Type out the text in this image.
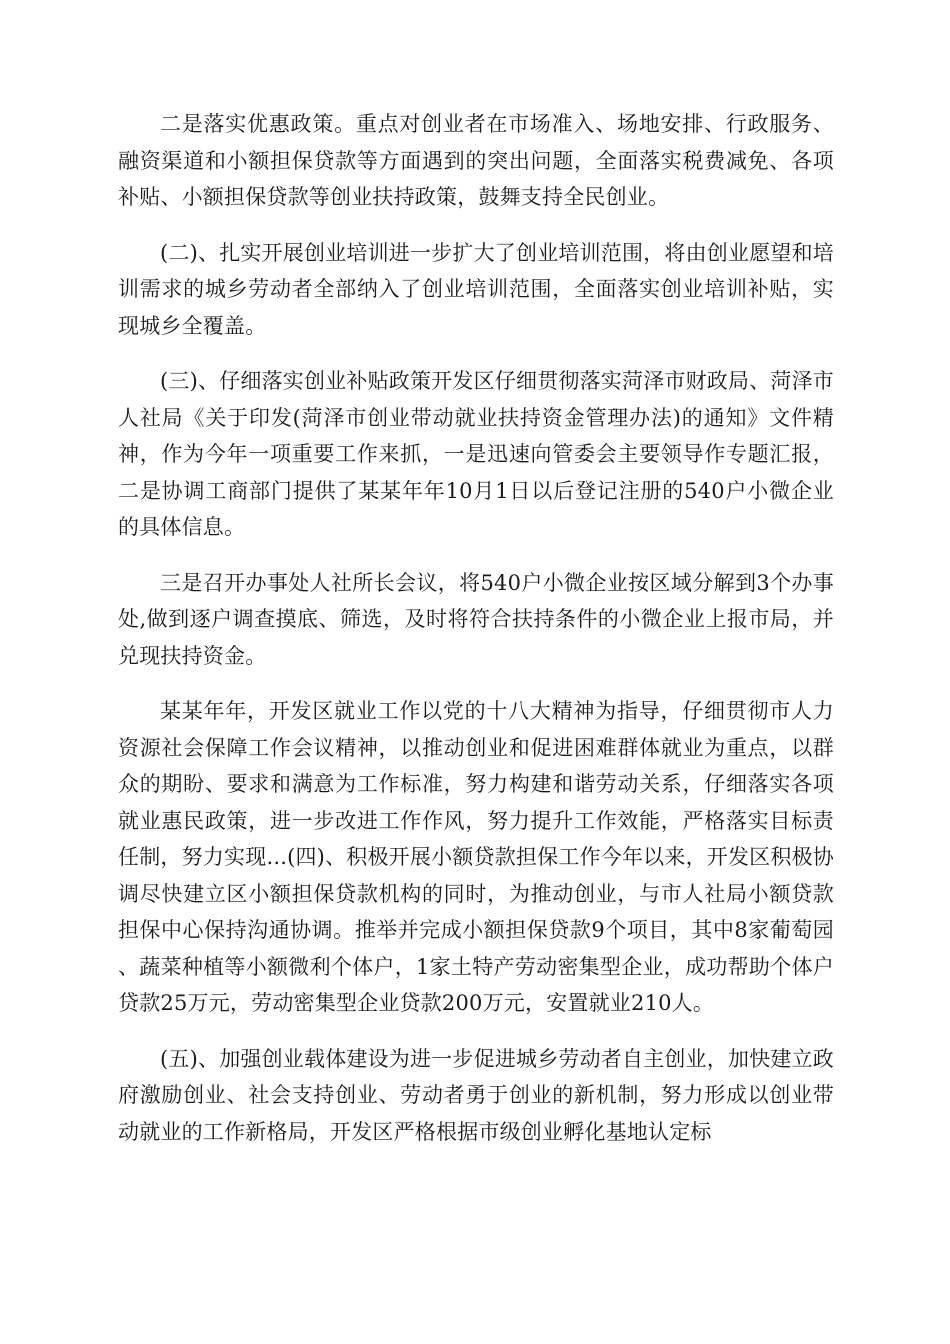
二是落实优惠政策。重点对创业者在市场准入、场地安排、行政服务、融资渠道和小额担保贷款等方面遇到的突出问题，全面落实税费减免、各项补贴、小额担保贷款等创业扶持政策，鼓舞支持全民创业。

(二)、扎实开展创业培训进一步扩大了创业培训范围，将由创业愿望和培训需求的城乡劳动者全部纳入了创业培训范围，全面落实创业培训补贴，实现城乡全覆盖。

(三)、仔细落实创业补贴政策开发区仔细贯彻落实菏泽市财政局、菏泽市人社局《关于印发(菏泽市创业带动就业扶持资金管理办法)的通知》文件精神，作为今年一项重要工作来抓，一是迅速向管委会主要领导作专题汇报，二是协调工商部门提供了某某年年10月1日以后登记注册的540户小微企业的具体信息。

三是召开办事处人社所长会议，将540户小微企业按区域分解到3个办事处,做到逐户调查摸底、筛选，及时将符合扶持条件的小微企业上报市局，并兑现扶持资金。

某某年年，开发区就业工作以党的十八大精神为指导，仔细贯彻市人力资源社会保障工作会议精神，以推动创业和促进困难群体就业为重点，以群众的期盼、要求和满意为工作标准，努力构建和谐劳动关系，仔细落实各项就业惠民政策，进一步改进工作作风，努力提升工作效能，严格落实目标责任制，努力实现...(四)、积极开展小额贷款担保工作今年以来，开发区积极协调尽快建立区小额担保贷款机构的同时，为推动创业，与市人社局小额贷款担保中心保持沟通协调。推举并完成小额担保贷款9个项目，其中8家葡萄园、蔬菜种植等小额微利个体户，1家土特产劳动密集型企业，成功帮助个体户贷款25万元，劳动密集型企业贷款200万元，安置就业210人。

(五)、加强创业载体建设为进一步促进城乡劳动者自主创业，加快建立政府激励创业、社会支持创业、劳动者勇于创业的新机制，努力形成以创业带动就业的工作新格局，开发区严格根据市级创业孵化基地认定标
